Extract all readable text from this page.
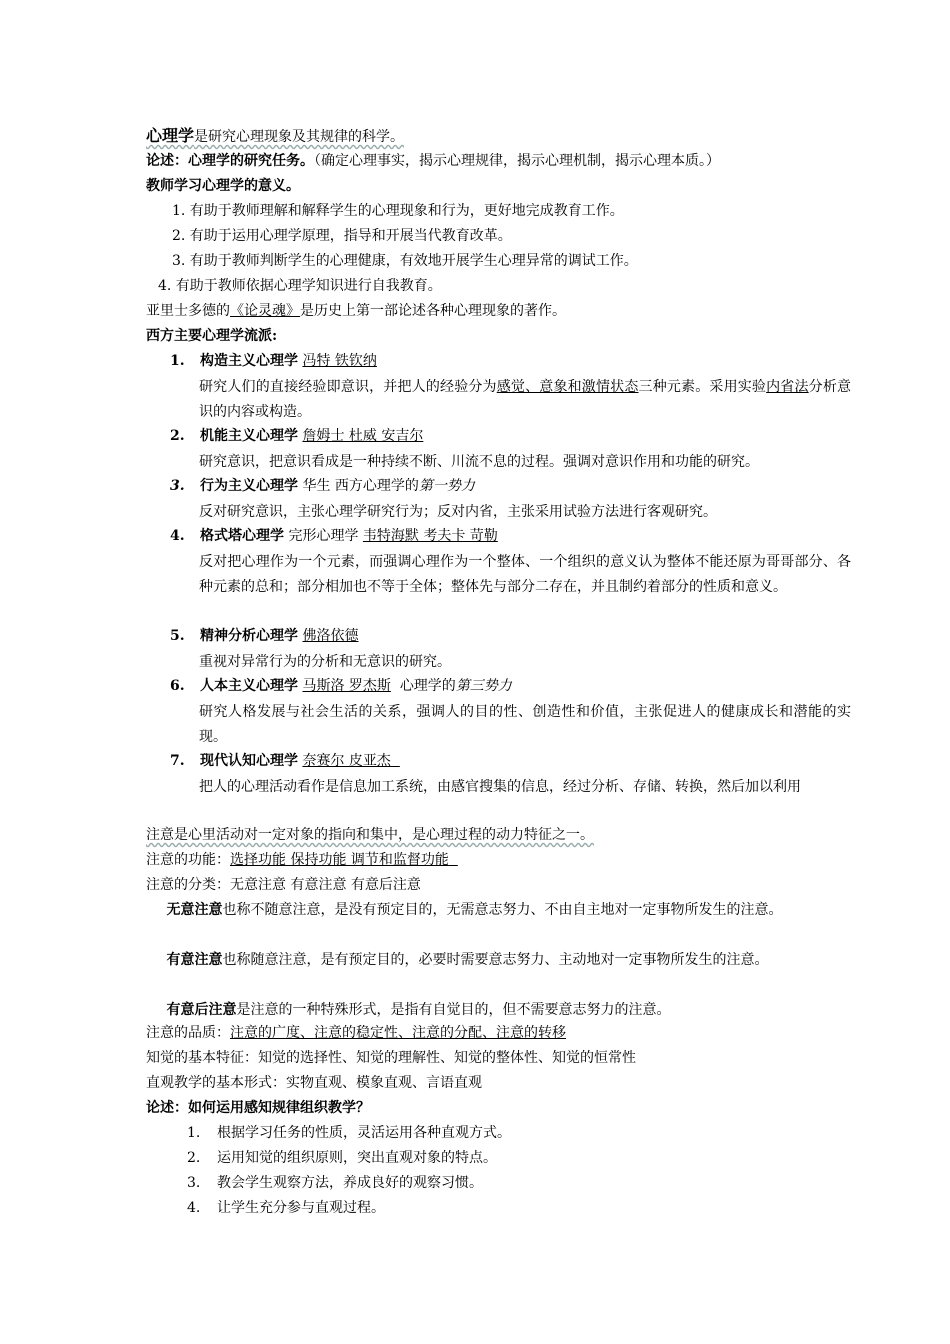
心理学是研究心理现象及其规律的科学。
论述：心理学的研究任务。（确定心理事实，揭示心理规律，揭示心理机制，揭示心理本质。）
教师学习心理学的意义。
1. 有助于教师理解和解释学生的心理现象和行为，更好地完成教育工作。
2. 有助于运用心理学原理，指导和开展当代教育改革。
3. 有助于教师判断学生的心理健康，有效地开展学生心理异常的调试工作。
4. 有助于教师依据心理学知识进行自我教育。
亚里士多德的《论灵魂》是历史上第一部论述各种心理现象的著作。
西方主要心理学流派:
1. 构造主义心理学 冯特 铁钦纳
研究人们的直接经验即意识，并把人的经验分为感觉、意象和激情状态三种元素。采用实验内省法分析意识的内容或构造。
2. 机能主义心理学 詹姆士 杜威 安吉尔
研究意识，把意识看成是一种持续不断、川流不息的过程。强调对意识作用和功能的研究。
3. 行为主义心理学 华生 西方心理学的第一势力
反对研究意识，主张心理学研究行为；反对内省，主张采用试验方法进行客观研究。
4. 格式塔心理学 完形心理学 韦特海默 考夫卡 苛勒
反对把心理作为一个元素，而强调心理作为一个整体、一个组织的意义认为整体不能还原为哥哥部分、各种元素的总和；部分相加也不等于全体；整体先与部分二存在，并且制约着部分的性质和意义。
5. 精神分析心理学 佛洛依德
重视对异常行为的分析和无意识的研究。
6. 人本主义心理学 马斯洛 罗杰斯 心理学的第三势力
研究人格发展与社会生活的关系，强调人的目的性、创造性和价值，主张促进人的健康成长和潜能的实现。
7. 现代认知心理学 奈赛尔 皮亚杰
把人的心理活动看作是信息加工系统，由感官搜集的信息，经过分析、存储、转换，然后加以利用
注意是心里活动对一定对象的指向和集中，是心理过程的动力特征之一。
注意的功能：选择功能 保持功能 调节和监督功能
注意的分类：无意注意 有意注意 有意后注意
无意注意也称不随意注意，是没有预定目的，无需意志努力、不由自主地对一定事物所发生的注意。
有意注意也称随意注意，是有预定目的，必要时需要意志努力、主动地对一定事物所发生的注意。
有意后注意是注意的一种特殊形式，是指有自觉目的，但不需要意志努力的注意。
注意的品质：注意的广度、注意的稳定性、注意的分配、注意的转移
知觉的基本特征：知觉的选择性、知觉的理解性、知觉的整体性、知觉的恒常性
直观教学的基本形式：实物直观、模象直观、言语直观
论述：如何运用感知规律组织教学？
1. 根据学习任务的性质，灵活运用各种直观方式。
2. 运用知觉的组织原则，突出直观对象的特点。
3. 教会学生观察方法，养成良好的观察习惯。
4. 让学生充分参与直观过程。
